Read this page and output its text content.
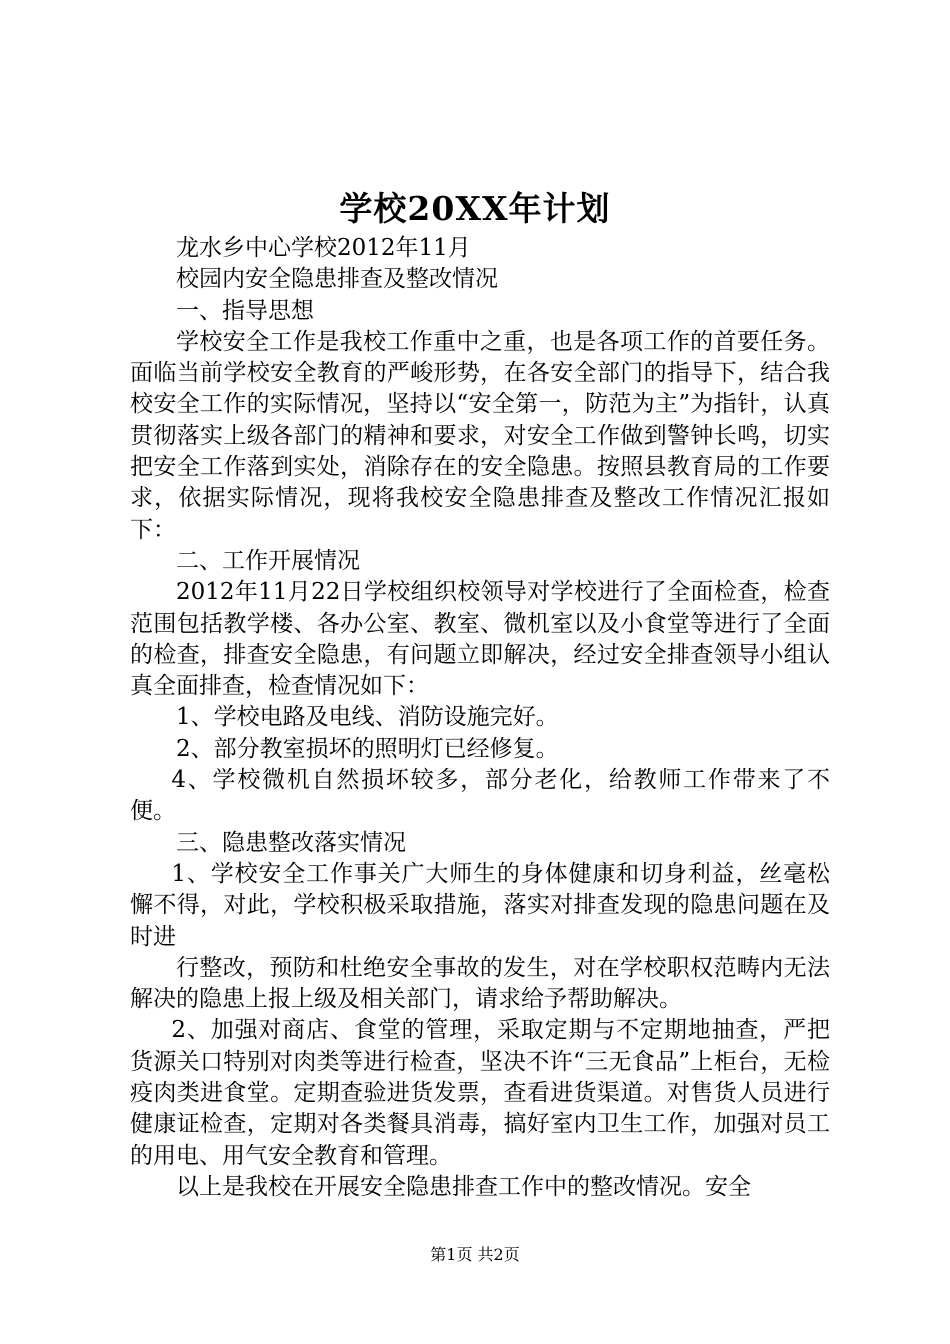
学校20XX年计划

龙水乡中心学校2012年11月

校园内安全隐患排查及整改情况

一、指导思想

学校安全工作是我校工作重中之重，也是各项工作的首要任务。面临当前学校安全教育的严峻形势，在各安全部门的指导下，结合我校安全工作的实际情况，坚持以“安全第一，防范为主”为指针，认真贯彻落实上级各部门的精神和要求，对安全工作做到警钟长鸣，切实把安全工作落到实处，消除存在的安全隐患。按照县教育局的工作要求，依据实际情况，现将我校安全隐患排查及整改工作情况汇报如下：

二、工作开展情况

2012年11月22日学校组织校领导对学校进行了全面检查，检查范围包括教学楼、各办公室、教室、微机室以及小食堂等进行了全面的检查，排查安全隐患，有问题立即解决，经过安全排查领导小组认真全面排查，检查情况如下：

1、学校电路及电线、消防设施完好。

2、部分教室损坏的照明灯已经修复。

4、学校微机自然损坏较多，部分老化，给教师工作带来了不便。

三、隐患整改落实情况

1、学校安全工作事关广大师生的身体健康和切身利益，丝毫松懈不得，对此，学校积极采取措施，落实对排查发现的隐患问题在及时进

行整改，预防和杜绝安全事故的发生，对在学校职权范畴内无法解决的隐患上报上级及相关部门，请求给予帮助解决。

2、加强对商店、食堂的管理，采取定期与不定期地抽查，严把货源关口特别对肉类等进行检查，坚决不许“三无食品”上柜台，无检疫肉类进食堂。定期查验进货发票，查看进货渠道。对售货人员进行健康证检查，定期对各类餐具消毒，搞好室内卫生工作，加强对员工的用电、用气安全教育和管理。

以上是我校在开展安全隐患排查工作中的整改情况。安全

第1页 共2页
